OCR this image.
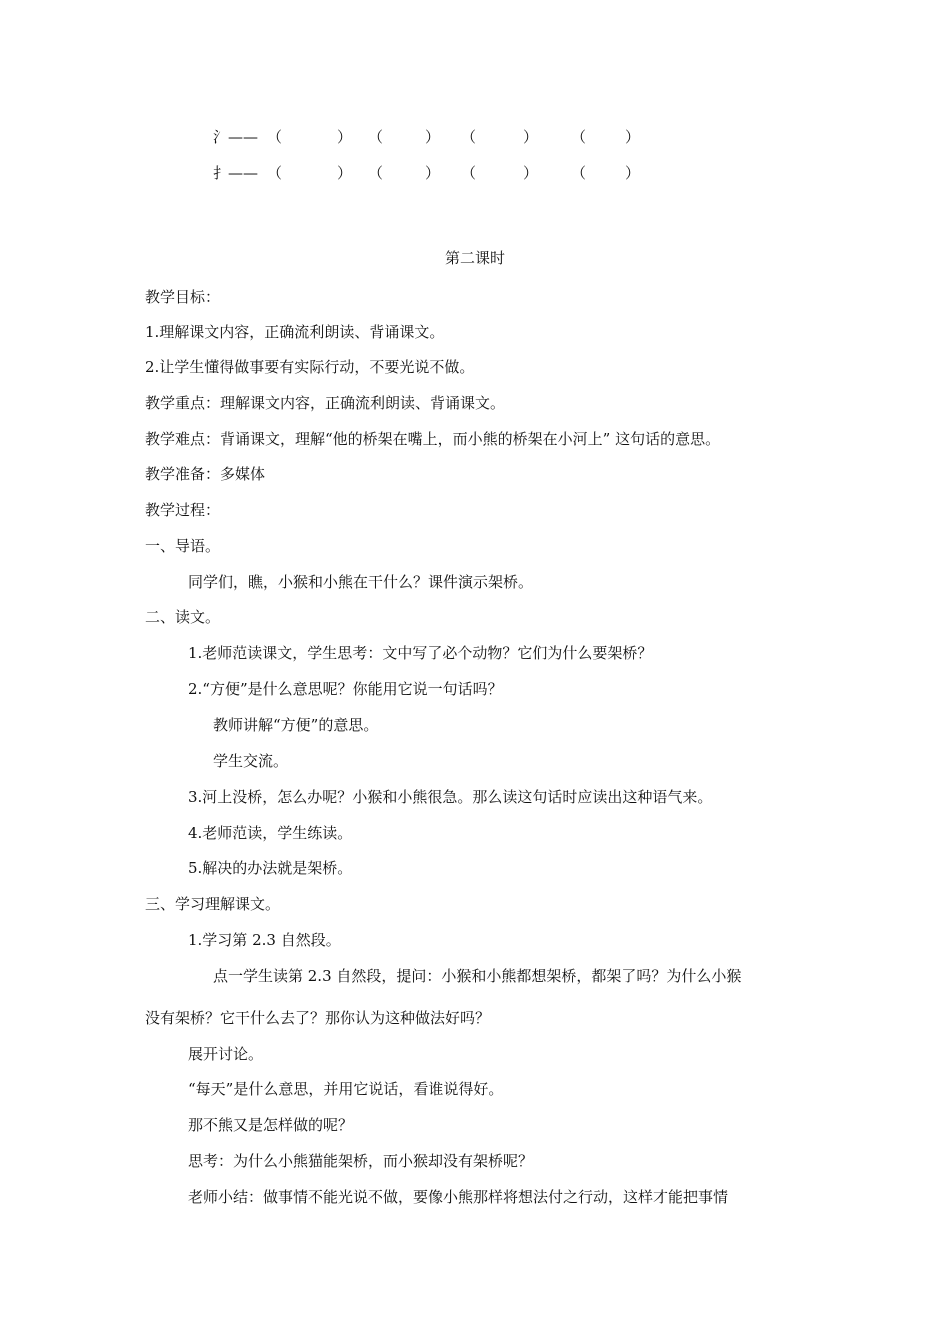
氵—— （	） （	） （	） （	）
扌—— （	） （	） （	） （	）
第二课时
教学目标：
1.理解课文内容，正确流利朗读、背诵课文。
2.让学生懂得做事要有实际行动，不要光说不做。
教学重点：理解课文内容，正确流利朗读、背诵课文。
教学难点：背诵课文，理解“他的桥架在嘴上，而小熊的桥架在小河上” 这句话的意思。
教学准备：多媒体
教学过程：
一、导语。
同学们，瞧，小猴和小熊在干什么？课件演示架桥。
二、读文。
1.老师范读课文，学生思考：文中写了必个动物？它们为什么要架桥？
2.“方便”是什么意思呢？你能用它说一句话吗？
教师讲解“方便”的意思。
学生交流。
3.河上没桥，怎么办呢？小猴和小熊很急。那么读这句话时应读出这种语气来。
4.老师范读，学生练读。
5.解决的办法就是架桥。
三、学习理解课文。
1.学习第 2.3 自然段。
点一学生读第 2.3 自然段，提问：小猴和小熊都想架桥，都架了吗？为什么小猴
没有架桥？它干什么去了？那你认为这种做法好吗？
展开讨论。
“每天”是什么意思，并用它说话，看谁说得好。
那不熊又是怎样做的呢？
思考：为什么小熊猫能架桥，而小猴却没有架桥呢？
老师小结：做事情不能光说不做，要像小熊那样将想法付之行动，这样才能把事情
